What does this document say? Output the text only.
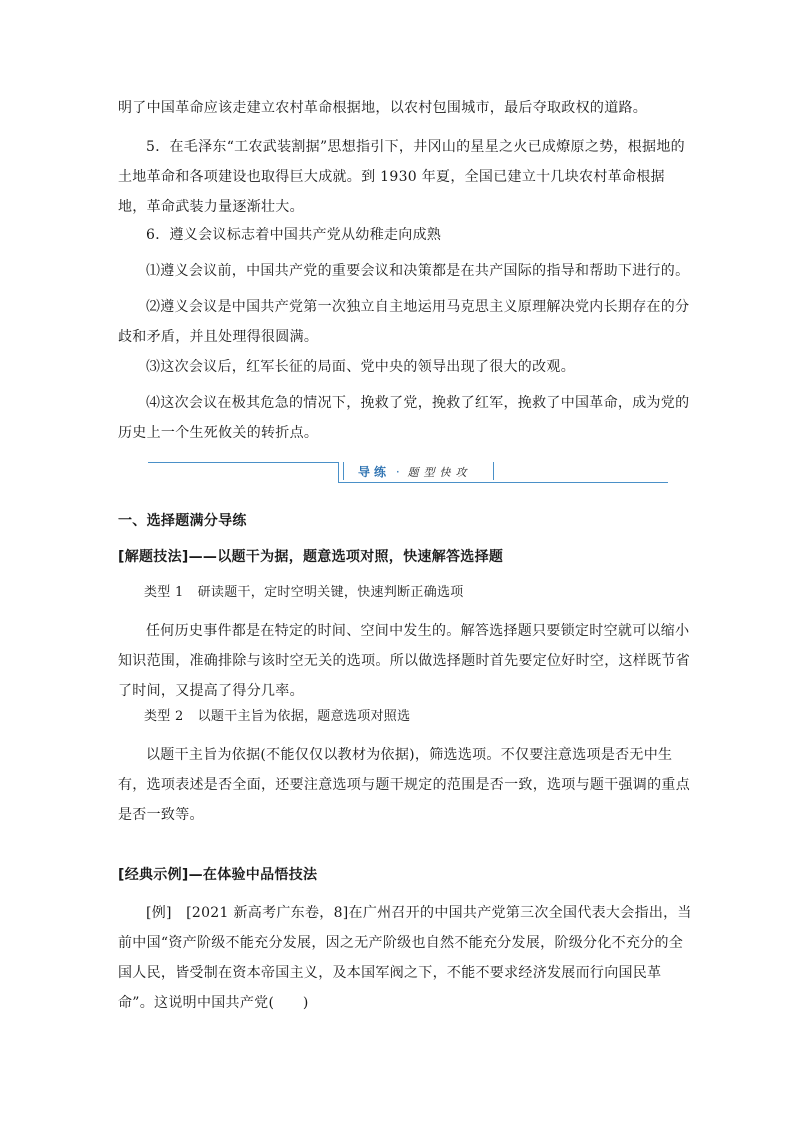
明了中国革命应该走建立农村革命根据地，以农村包围城市，最后夺取政权的道路。

5．在毛泽东“工农武装割据”思想指引下，井冈山的星星之火已成燎原之势，根据地的土地革命和各项建设也取得巨大成就。到 1930 年夏，全国已建立十几块农村革命根据地，革命武装力量逐渐壮大。

6．遵义会议标志着中国共产党从幼稚走向成熟

⑴遵义会议前，中国共产党的重要会议和决策都是在共产国际的指导和帮助下进行的。

⑵遵义会议是中国共产党第一次独立自主地运用马克思主义原理解决党内长期存在的分歧和矛盾，并且处理得很圆满。

⑶这次会议后，红军长征的局面、党中央的领导出现了很大的改观。

⑷这次会议在极其危急的情况下，挽救了党，挽救了红军，挽救了中国革命，成为党的历史上一个生死攸关的转折点。

导练 · 题型快攻

一、选择题满分导练

[解题技法]——以题干为据，题意选项对照，快速解答选择题

类型 1 研读题干，定时空明关键，快速判断正确选项

任何历史事件都是在特定的时间、空间中发生的。解答选择题只要锁定时空就可以缩小知识范围，准确排除与该时空无关的选项。所以做选择题时首先要定位好时空，这样既节省了时间，又提高了得分几率。

类型 2 以题干主旨为依据，题意选项对照选

以题干主旨为依据(不能仅仅以教材为依据)，筛选选项。不仅要注意选项是否无中生有，选项表述是否全面，还要注意选项与题干规定的范围是否一致，选项与题干强调的重点是否一致等。

[经典示例]—在体验中品悟技法

[例]　[2021 新高考广东卷，8]在广州召开的中国共产党第三次全国代表大会指出，当前中国“资产阶级不能充分发展，因之无产阶级也自然不能充分发展，阶级分化不充分的全国人民，皆受制在资本帝国主义，及本国军阀之下，不能不要求经济发展而行向国民革命”。这说明中国共产党(　　)
